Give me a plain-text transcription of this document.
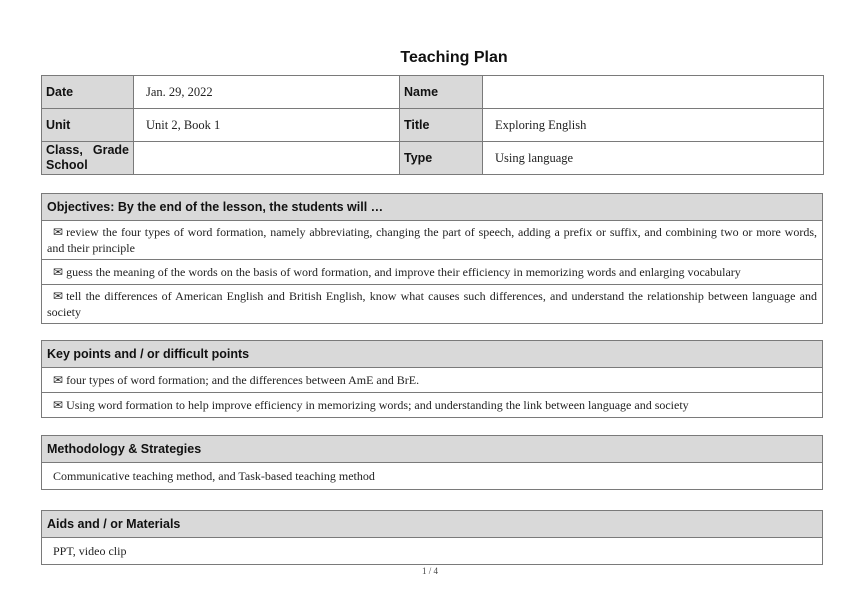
Teaching Plan
Date	Jan. 29, 2022	Name	
Unit	Unit 2, Book 1	Title	Exploring English
Class, Grade School		Type	Using language
Objectives: By the end of the lesson, the students will …
✉ review the four types of word formation, namely abbreviating, changing the part of speech, adding a prefix or suffix, and combining two or more words, and their principle
✉ guess the meaning of the words on the basis of word formation, and improve their efficiency in memorizing words and enlarging vocabulary
✉ tell the differences of American English and British English, know what causes such differences, and understand the relationship between language and society
Key points and / or difficult points
✉ four types of word formation; and the differences between AmE and BrE.
✉ Using word formation to help improve efficiency in memorizing words; and understanding the link between language and society
Methodology & Strategies
Communicative teaching method, and Task-based teaching method
Aids and / or Materials
PPT, video clip
1 / 4
